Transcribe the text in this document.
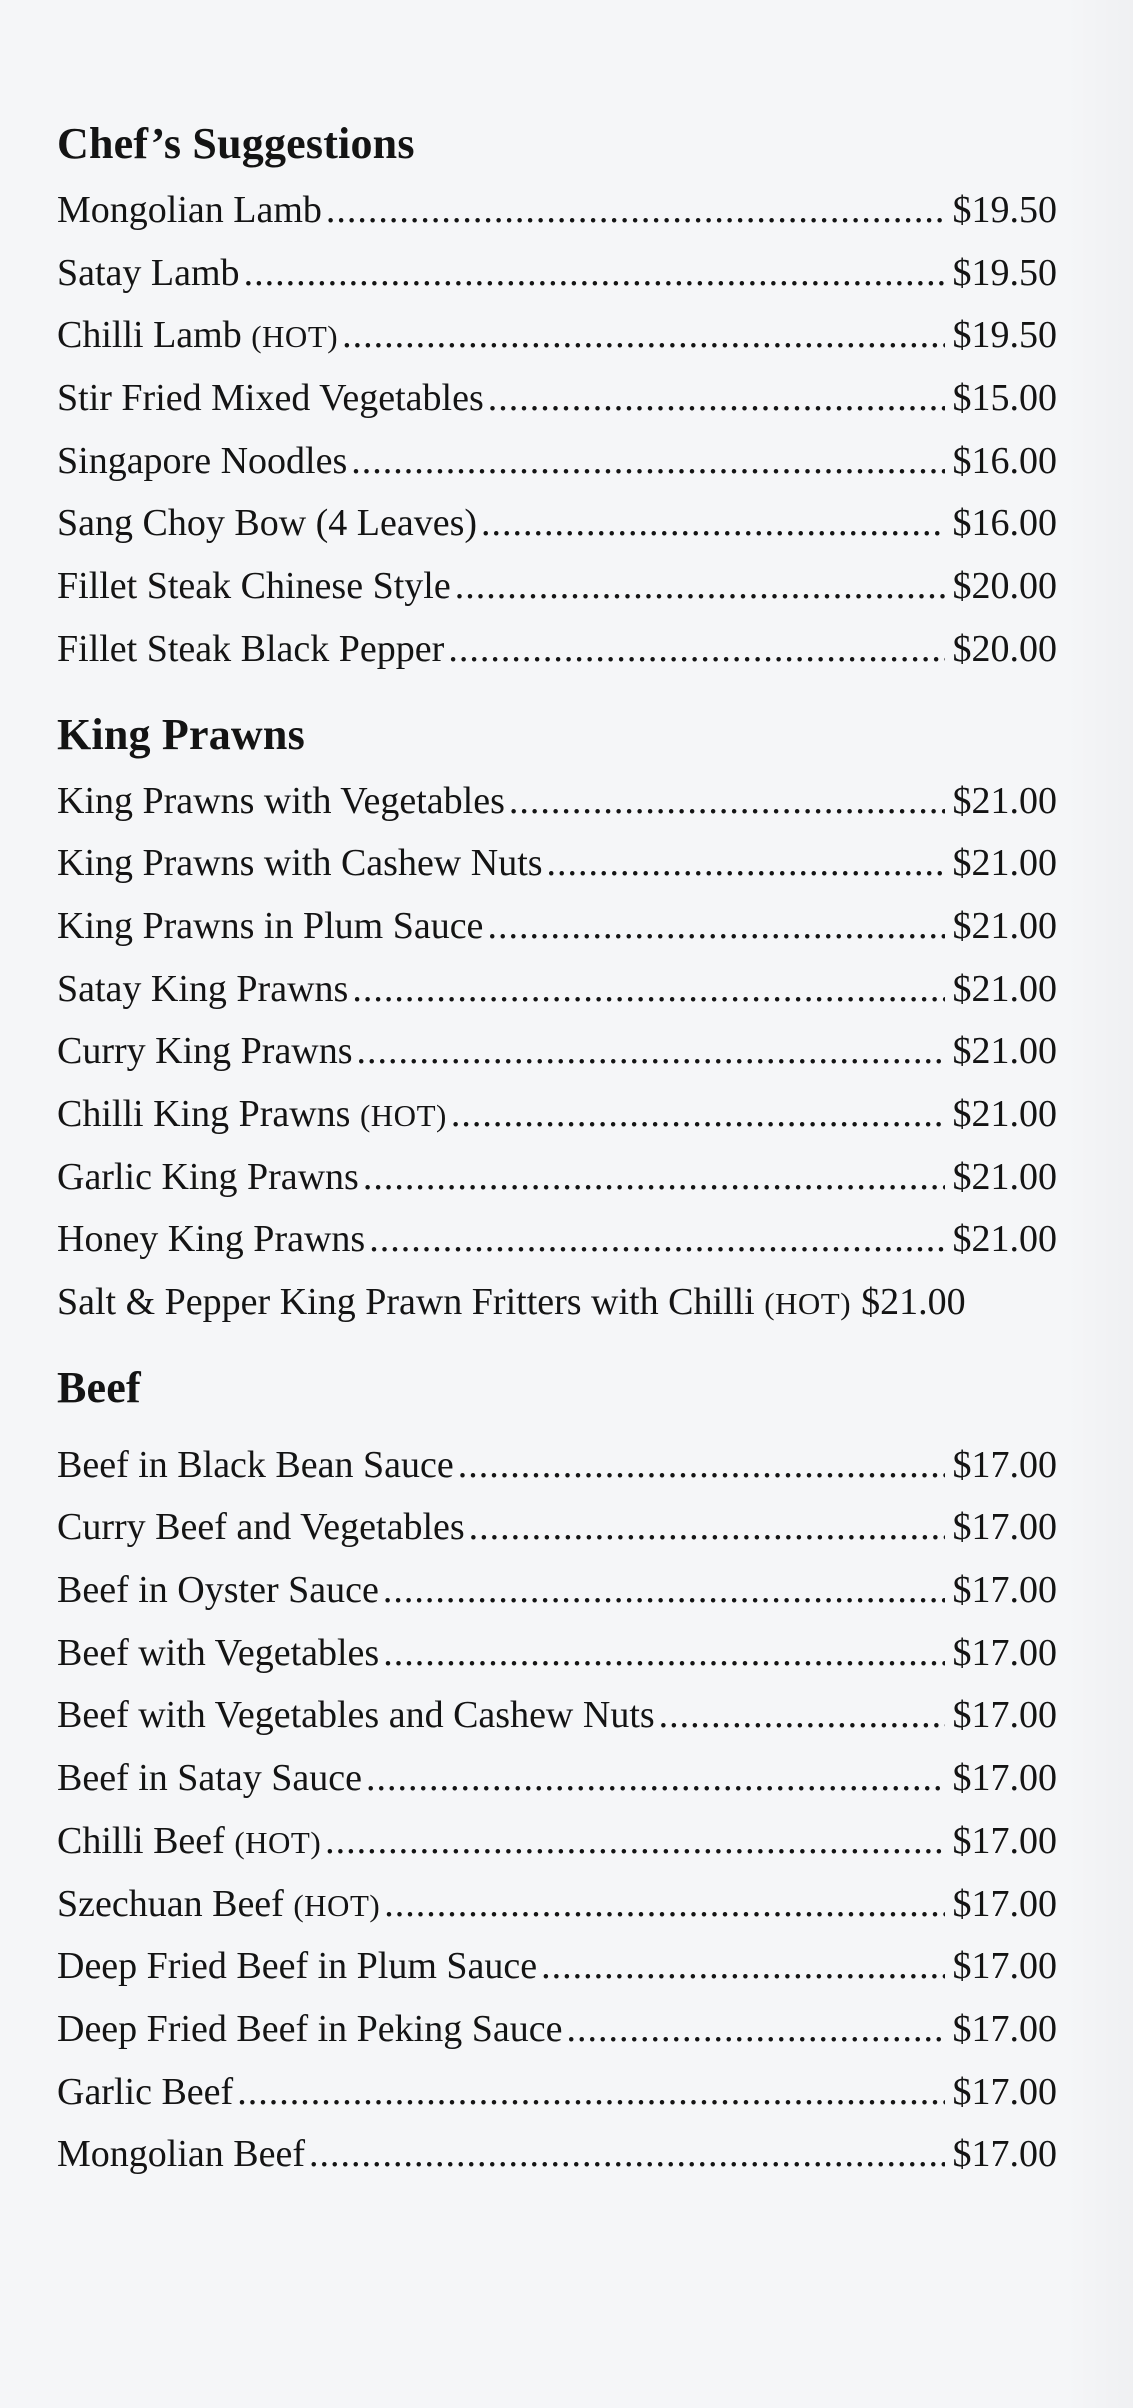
Chef’s Suggestions
Mongolian Lamb .....	$19.50
Satay Lamb .....	$19.50
Chilli Lamb (HOT) .....	$19.50
Stir Fried Mixed Vegetables .....	$15.00
Singapore Noodles .....	$16.00
Sang Choy Bow (4 Leaves) .....	$16.00
Fillet Steak Chinese Style .....	$20.00
Fillet Steak Black Pepper .....	$20.00
King Prawns
King Prawns with Vegetables .....	$21.00
King Prawns with Cashew Nuts .....	$21.00
King Prawns in Plum Sauce .....	$21.00
Satay King Prawns .....	$21.00
Curry King Prawns .....	$21.00
Chilli King Prawns (HOT) .....	$21.00
Garlic King Prawns .....	$21.00
Honey King Prawns .....	$21.00
Salt & Pepper King Prawn Fritters with Chilli (HOT) $21.00
Beef
Beef in Black Bean Sauce .....	$17.00
Curry Beef and Vegetables .....	$17.00
Beef in Oyster Sauce .....	$17.00
Beef with Vegetables .....	$17.00
Beef with Vegetables and Cashew Nuts .....	$17.00
Beef in Satay Sauce .....	$17.00
Chilli Beef (HOT) .....	$17.00
Szechuan Beef (HOT) .....	$17.00
Deep Fried Beef in Plum Sauce .....	$17.00
Deep Fried Beef in Peking Sauce .....	$17.00
Garlic Beef .....	$17.00
Mongolian Beef .....	$17.00
